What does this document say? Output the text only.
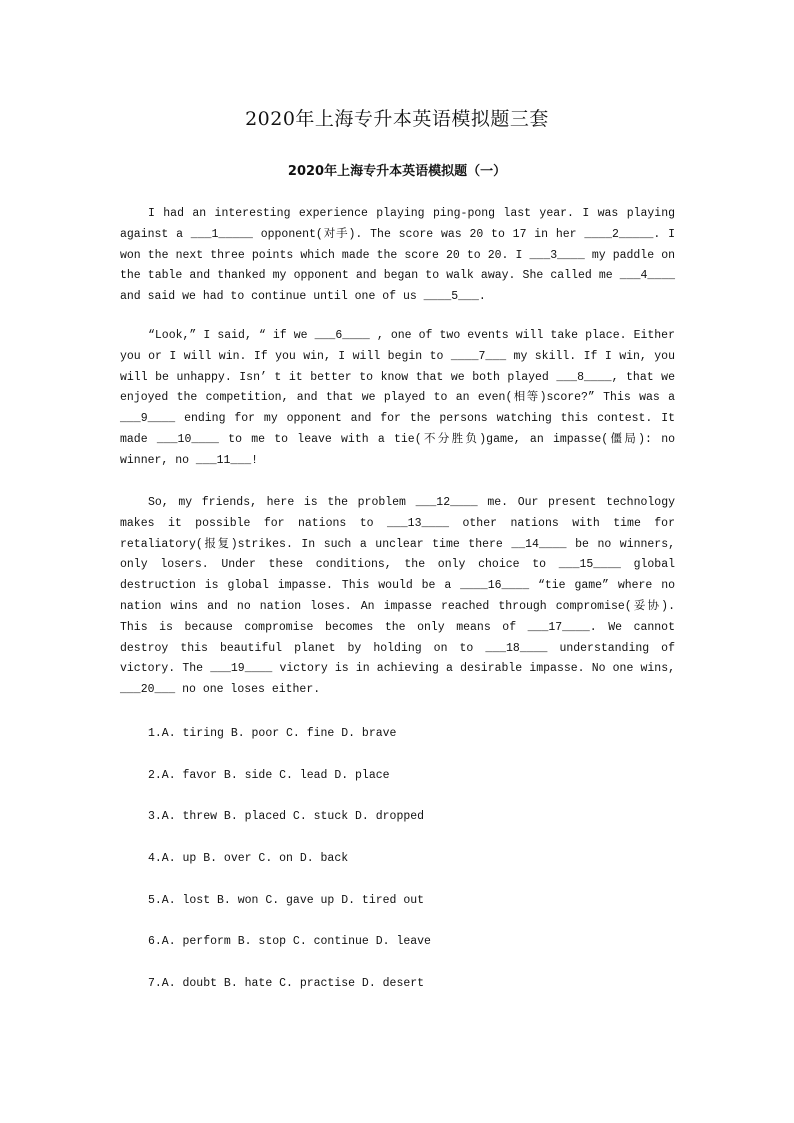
2020年上海专升本英语模拟题三套
2020年上海专升本英语模拟题（一）

I had an interesting experience playing ping-pong last year. I was playing against a ___1_____ opponent(对手). The score was 20 to 17 in her ____2_____. I won the next three points which made the score 20 to 20. I ___3____ my paddle on the table and thanked my opponent and began to walk away. She called me ___4____ and said we had to continue until one of us ____5___.

“Look,” I said, “ if we ___6____ , one of two events will take place. Either you or I will win. If you win, I will begin to ____7___ my skill. If I win, you will be unhappy. Isn’ t it better to know that we both played ___8____, that we enjoyed the competition, and that we played to an even(相等)score?” This was a ___9____ ending for my opponent and for the persons watching this contest. It made ___10____ to me to leave with a tie(不分胜负)game, an impasse(僵局): no winner, no ___11___!

So, my friends, here is the problem ___12____ me. Our present technology makes it possible for nations to ___13____ other nations with time for retaliatory(报复)strikes. In such a unclear time there __14____ be no winners, only losers. Under these conditions, the only choice to ___15____ global destruction is global impasse. This would be a ____16____ “tie game” where no nation wins and no nation loses. An impasse reached through compromise(妥协). This is because compromise becomes the only means of ___17____. We cannot destroy this beautiful planet by holding on to ___18____ understanding of victory. The ___19____ victory is in achieving a desirable impasse. No one wins, ___20___ no one loses either.

1.A. tiring B. poor C. fine D. brave
2.A. favor B. side C. lead D. place
3.A. threw B. placed C. stuck D. dropped
4.A. up B. over C. on D. back
5.A. lost B. won C. gave up D. tired out
6.A. perform B. stop C. continue D. leave
7.A. doubt B. hate C. practise D. desert
